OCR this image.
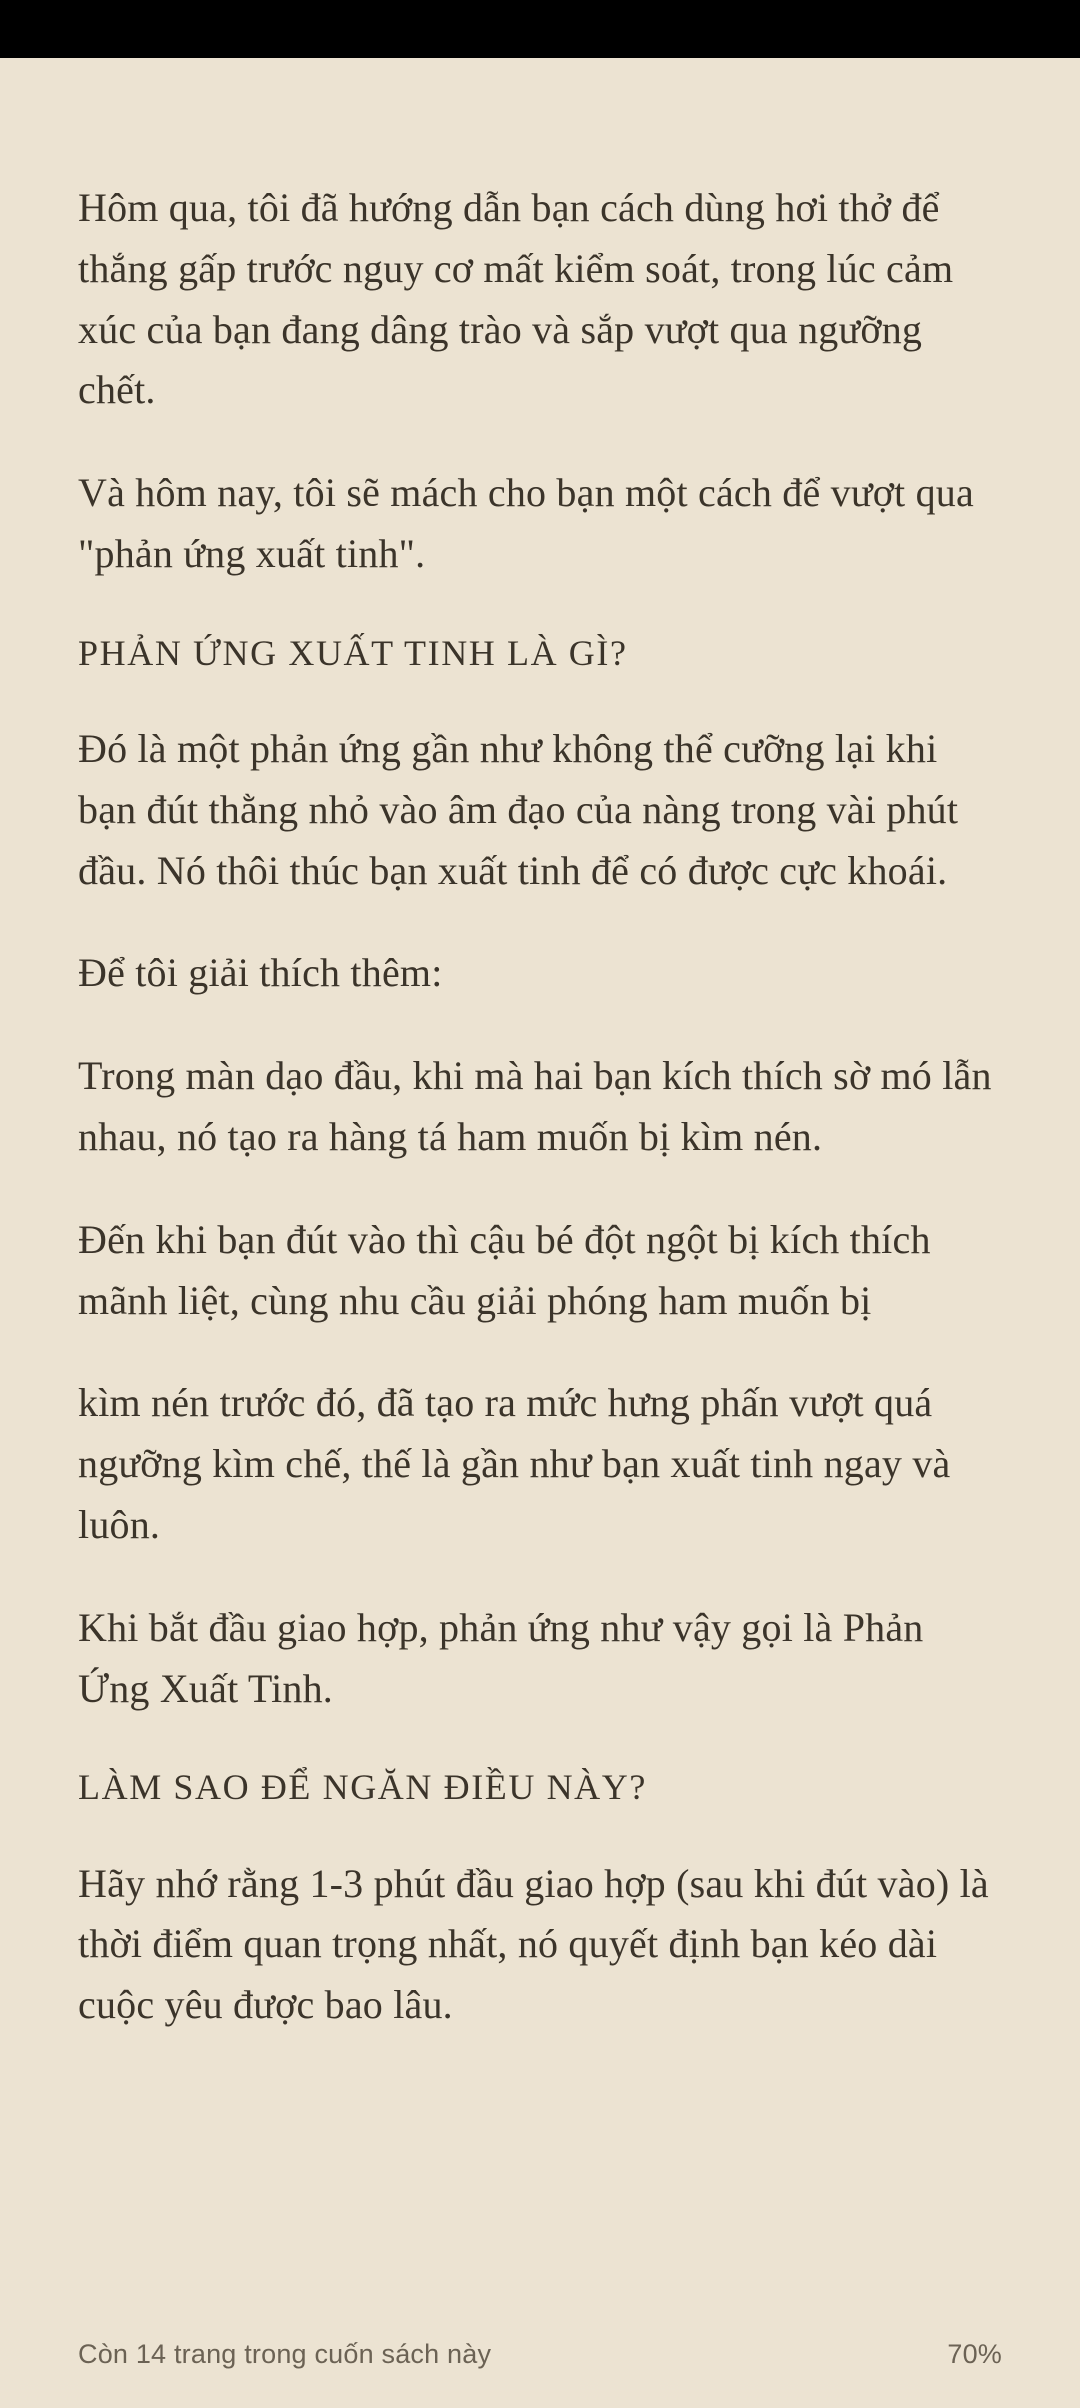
Hôm qua, tôi đã hướng dẫn bạn cách dùng hơi thở để thắng gấp trước nguy cơ mất kiểm soát, trong lúc cảm xúc của bạn đang dâng trào và sắp vượt qua ngưỡng chết.

Và hôm nay, tôi sẽ mách cho bạn một cách để vượt qua "phản ứng xuất tinh".

PHẢN ỨNG XUẤT TINH LÀ GÌ?

Đó là một phản ứng gần như không thể cưỡng lại khi bạn đút thằng nhỏ vào âm đạo của nàng trong vài phút đầu. Nó thôi thúc bạn xuất tinh để có được cực khoái.

Để tôi giải thích thêm:

Trong màn dạo đầu, khi mà hai bạn kích thích sờ mó lẫn nhau, nó tạo ra hàng tá ham muốn bị kìm nén.

Đến khi bạn đút vào thì cậu bé đột ngột bị kích thích mãnh liệt, cùng nhu cầu giải phóng ham muốn bị

kìm nén trước đó, đã tạo ra mức hưng phấn vượt quá ngưỡng kìm chế, thế là gần như bạn xuất tinh ngay và luôn.

Khi bắt đầu giao hợp, phản ứng như vậy gọi là Phản Ứng Xuất Tinh.

LÀM SAO ĐỂ NGĂN ĐIỀU NÀY?

Hãy nhớ rằng 1-3 phút đầu giao hợp (sau khi đút vào) là thời điểm quan trọng nhất, nó quyết định bạn kéo dài cuộc yêu được bao lâu.

Còn 14 trang trong cuốn sách này	70%
